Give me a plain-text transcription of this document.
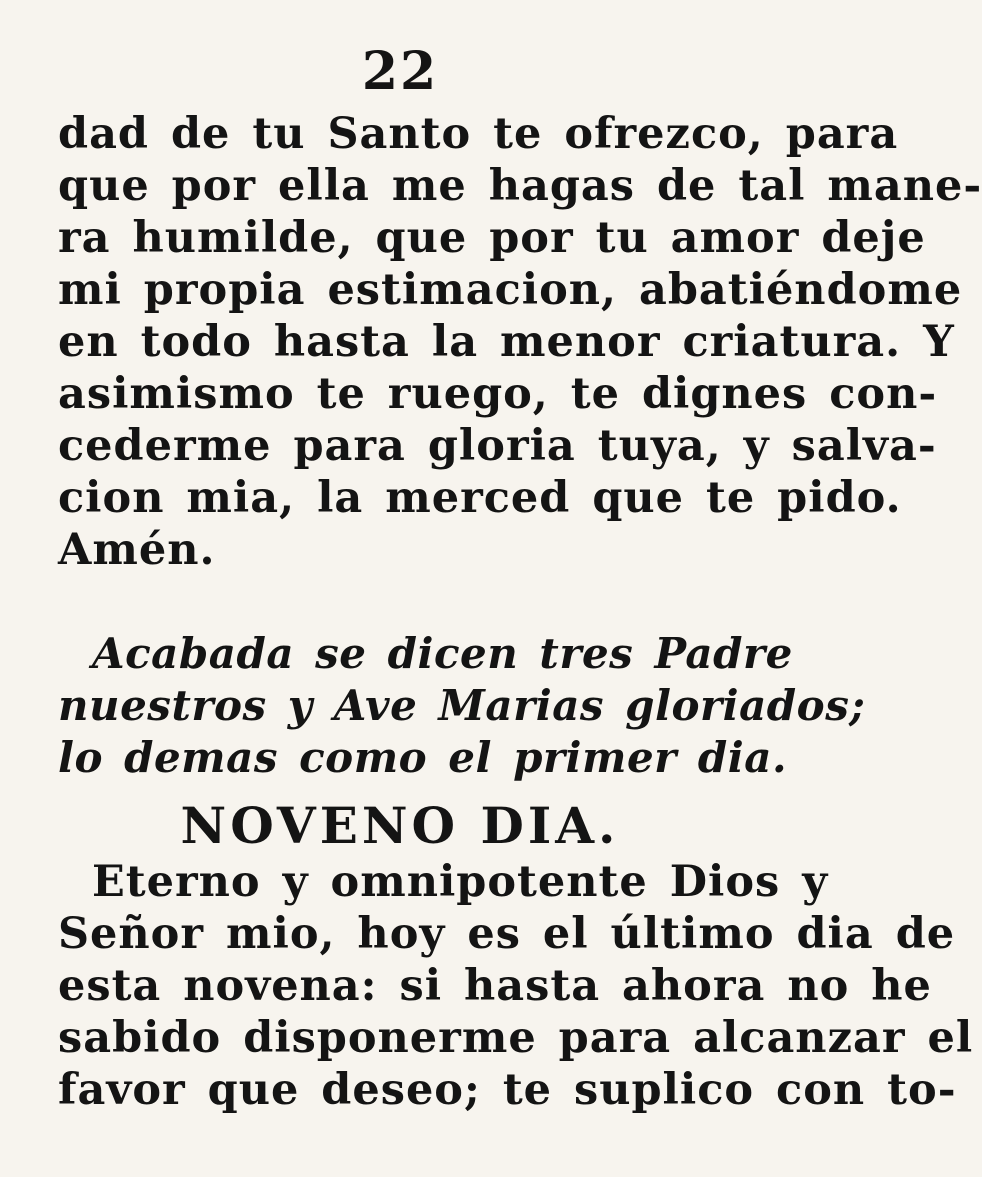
22
dad de tu Santo te ofrezco, para
que por ella me hagas de tal mane-
ra humilde, que por tu amor deje
mi propia estimacion, abatiéndome
en todo hasta la menor criatura. Y
asimismo te ruego, te dignes con-
cederme para gloria tuya, y salva-
cion mia, la merced que te pido.
Amén.
Acabada se dicen tres Padre
nuestros y Ave Marias gloriados;
lo demas como el primer dia.
NOVENO DIA.
Eterno y omnipotente Dios y
Señor mio, hoy es el último dia de
esta novena: si hasta ahora no he
sabido disponerme para alcanzar el
favor que deseo; te suplico con to-
